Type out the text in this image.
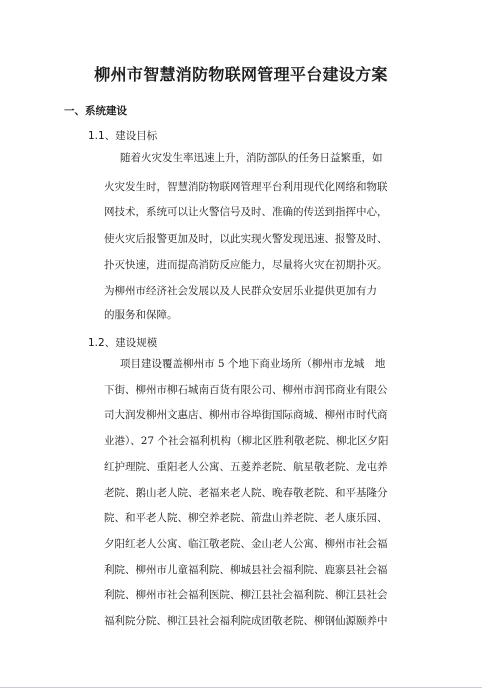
柳州市智慧消防物联网管理平台建设方案
一、系统建设
1.1、建设目标
随着火灾发生率迅速上升，消防部队的任务日益繁重，如
火灾发生时，智慧消防物联网管理平台利用现代化网络和物联
网技术，系统可以让火警信号及时、准确的传送到指挥中心，
使火灾后报警更加及时，以此实现火警发现迅速、报警及时、
扑灭快速，进而提高消防反应能力，尽量将火灾在初期扑灭。
为柳州市经济社会发展以及人民群众安居乐业提供更加有力
的服务和保障。
1.2、建设规模
项目建设覆盖柳州市 5 个地下商业场所（柳州市龙城　地
下街、柳州市柳石城南百货有限公司、柳州市润邗商业有限公
司大润发柳州文惠店、柳州市谷埠街国际商城、柳州市时代商
业港）、27 个社会福利机构（柳北区胜利敬老院、柳北区夕阳
红护理院、重阳老人公寓、五菱养老院、航星敬老院、龙屯养
老院、鹅山老人院、老福来老人院、晚春敬老院、和平基隆分
院、和平老人院、柳空养老院、箭盘山养老院、老人康乐园、
夕阳红老人公寓、临江敬老院、金山老人公寓、柳州市社会福
利院、柳州市儿童福利院、柳城县社会福利院、鹿寨县社会福
利院、柳州市社会福利医院、柳江县社会福利院、柳江县社会
福利院分院、柳江县社会福利院成团敬老院、柳钢仙源颐养中
